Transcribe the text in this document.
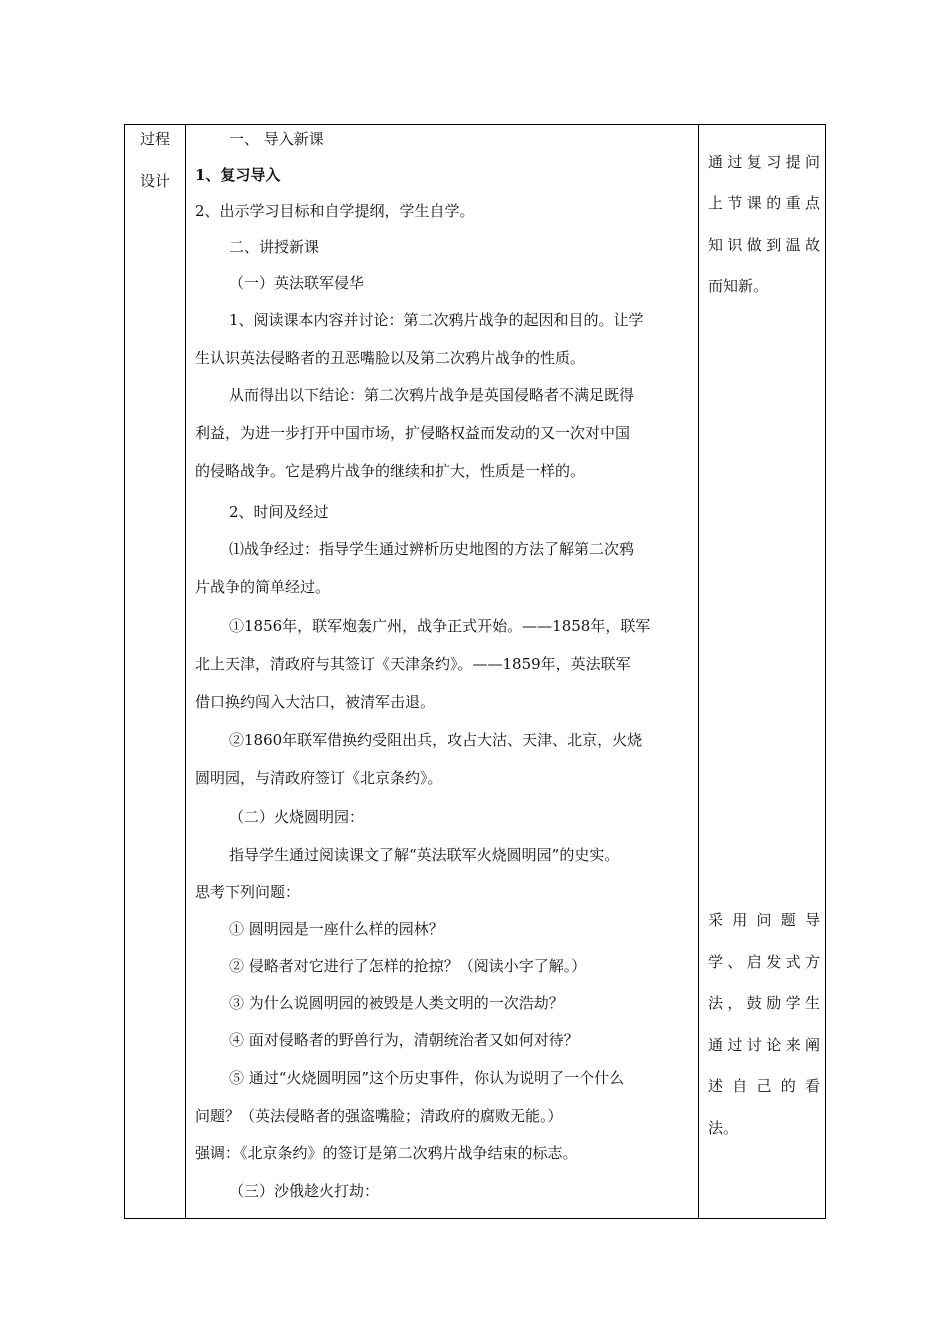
过程
设计
一、 导入新课
1、复习导入
2、出示学习目标和自学提纲，学生自学。
二、讲授新课
（一）英法联军侵华
1、阅读课本内容并讨论：第二次鸦片战争的起因和目的。让学
生认识英法侵略者的丑恶嘴脸以及第二次鸦片战争的性质。
从而得出以下结论：第二次鸦片战争是英国侵略者不满足既得
利益，为进一步打开中国市场，扩侵略权益而发动的又一次对中国
的侵略战争。它是鸦片战争的继续和扩大，性质是一样的。
2、时间及经过
⑴战争经过：指导学生通过辨析历史地图的方法了解第二次鸦
片战争的简单经过。
①1856年，联军炮轰广州，战争正式开始。——1858年，联军
北上天津，清政府与其签订《天津条约》。——1859年，英法联军
借口换约闯入大沽口，被清军击退。
②1860年联军借换约受阻出兵，攻占大沽、天津、北京，火烧
圆明园，与清政府签订《北京条约》。
（二）火烧圆明园：
指导学生通过阅读课文了解“英法联军火烧圆明园”的史实。
思考下列问题：
① 圆明园是一座什么样的园林？
② 侵略者对它进行了怎样的抢掠？（阅读小字了解。）
③ 为什么说圆明园的被毁是人类文明的一次浩劫？
④ 面对侵略者的野兽行为，清朝统治者又如何对待？
⑤ 通过“火烧圆明园”这个历史事件，你认为说明了一个什么
问题？（英法侵略者的强盗嘴脸；清政府的腐败无能。）
强调：《北京条约》的签订是第二次鸦片战争结束的标志。
（三）沙俄趁火打劫：
通过复习提问
上节课的重点
知识做到温故
而知新。
采用问题导
学、启发式方
法，鼓励学生
通过讨论来阐
述自己的看
法。
